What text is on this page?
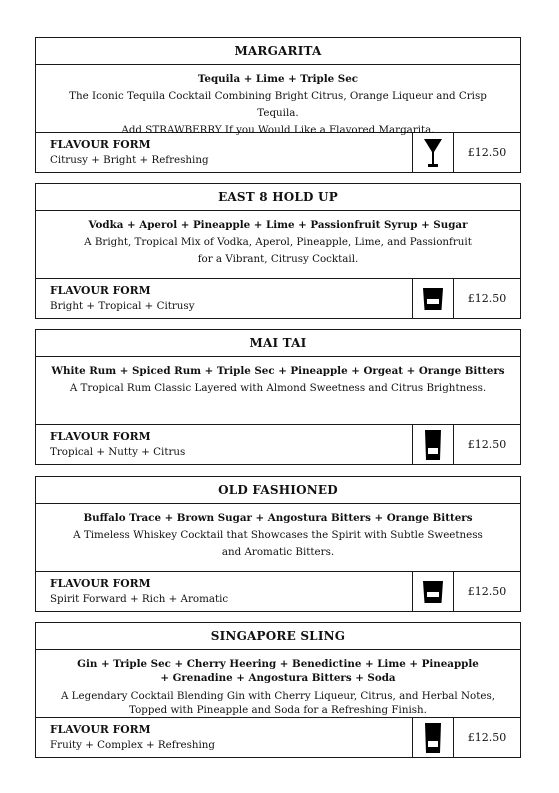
MARGARITA
Tequila + Lime + Triple Sec
The Iconic Tequila Cocktail Combining Bright Citrus, Orange Liqueur and Crisp Tequila.
Add STRAWBERRY If you Would Like a Flavored Margarita.
FLAVOUR FORM
Citrusy + Bright + Refreshing
£12.50
EAST 8 HOLD UP
Vodka + Aperol + Pineapple + Lime + Passionfruit Syrup + Sugar
A Bright, Tropical Mix of Vodka, Aperol, Pineapple, Lime, and Passionfruit
for a Vibrant, Citrusy Cocktail.
FLAVOUR FORM
Bright + Tropical + Citrusy
£12.50
MAI TAI
White Rum + Spiced Rum + Triple Sec + Pineapple + Orgeat + Orange Bitters
A Tropical Rum Classic Layered with Almond Sweetness and Citrus Brightness.
FLAVOUR FORM
Tropical + Nutty + Citrus
£12.50
OLD FASHIONED
Buffalo Trace + Brown Sugar + Angostura Bitters + Orange Bitters
A Timeless Whiskey Cocktail that Showcases the Spirit with Subtle Sweetness
and Aromatic Bitters.
FLAVOUR FORM
Spirit Forward + Rich + Aromatic
£12.50
SINGAPORE SLING
Gin + Triple Sec + Cherry Heering + Benedictine + Lime + Pineapple
+ Grenadine + Angostura Bitters + Soda
A Legendary Cocktail Blending Gin with Cherry Liqueur, Citrus, and Herbal Notes,
Topped with Pineapple and Soda for a Refreshing Finish.
FLAVOUR FORM
Fruity + Complex + Refreshing
£12.50
